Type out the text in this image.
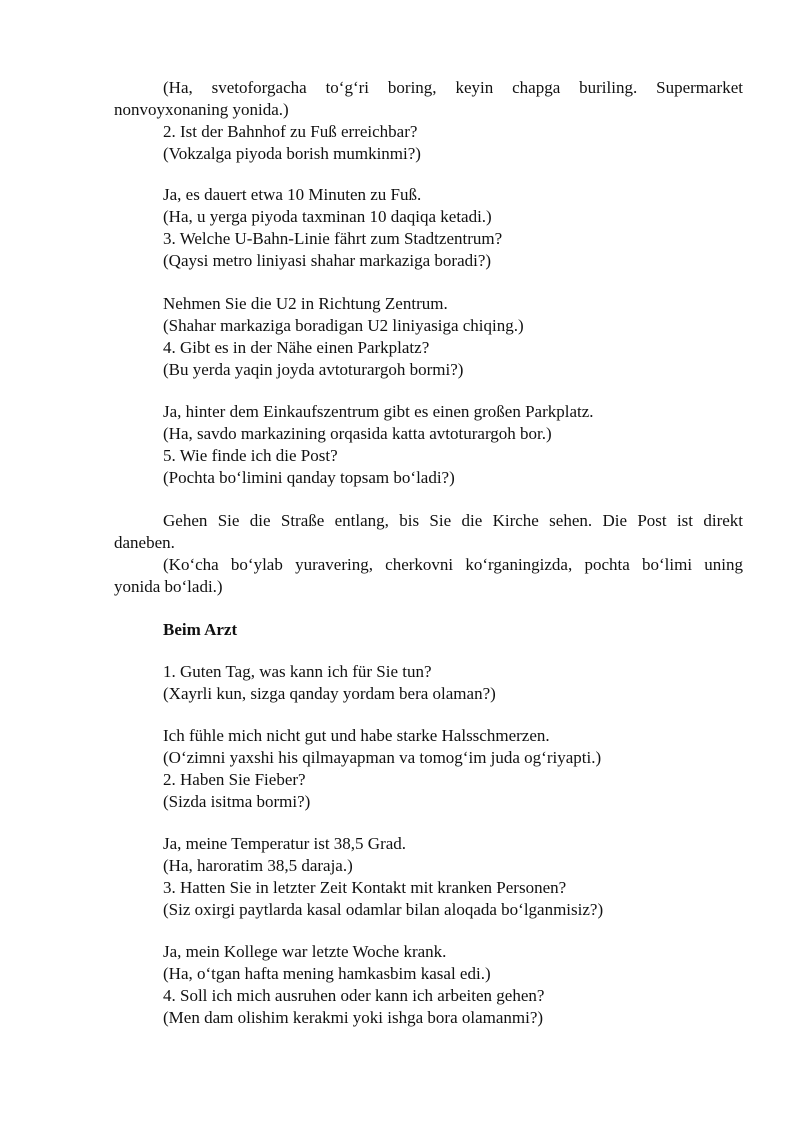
(Ha, svetoforgacha to‘g‘ri boring, keyin chapga buriling. Supermarket
nonvoyxonaning yonida.)
2. Ist der Bahnhof zu Fuß erreichbar?
(Vokzalga piyoda borish mumkinmi?)
Ja, es dauert etwa 10 Minuten zu Fuß.
(Ha, u yerga piyoda taxminan 10 daqiqa ketadi.)
3. Welche U-Bahn-Linie fährt zum Stadtzentrum?
(Qaysi metro liniyasi shahar markaziga boradi?)
Nehmen Sie die U2 in Richtung Zentrum.
(Shahar markaziga boradigan U2 liniyasiga chiqing.)
4. Gibt es in der Nähe einen Parkplatz?
(Bu yerda yaqin joyda avtoturargoh bormi?)
Ja, hinter dem Einkaufszentrum gibt es einen großen Parkplatz.
(Ha, savdo markazining orqasida katta avtoturargoh bor.)
5. Wie finde ich die Post?
(Pochta bo‘limini qanday topsam bo‘ladi?)
Gehen Sie die Straße entlang, bis Sie die Kirche sehen. Die Post ist direkt
daneben.
(Ko‘cha bo‘ylab yuravering, cherkovni ko‘rganingizda, pochta bo‘limi uning
yonida bo‘ladi.)
Beim Arzt
1. Guten Tag, was kann ich für Sie tun?
(Xayrli kun, sizga qanday yordam bera olaman?)
Ich fühle mich nicht gut und habe starke Halsschmerzen.
(O‘zimni yaxshi his qilmayapman va tomog‘im juda og‘riyapti.)
2. Haben Sie Fieber?
(Sizda isitma bormi?)
Ja, meine Temperatur ist 38,5 Grad.
(Ha, haroratim 38,5 daraja.)
3. Hatten Sie in letzter Zeit Kontakt mit kranken Personen?
(Siz oxirgi paytlarda kasal odamlar bilan aloqada bo‘lganmisiz?)
Ja, mein Kollege war letzte Woche krank.
(Ha, o‘tgan hafta mening hamkasbim kasal edi.)
4. Soll ich mich ausruhen oder kann ich arbeiten gehen?
(Men dam olishim kerakmi yoki ishga bora olamanmi?)
